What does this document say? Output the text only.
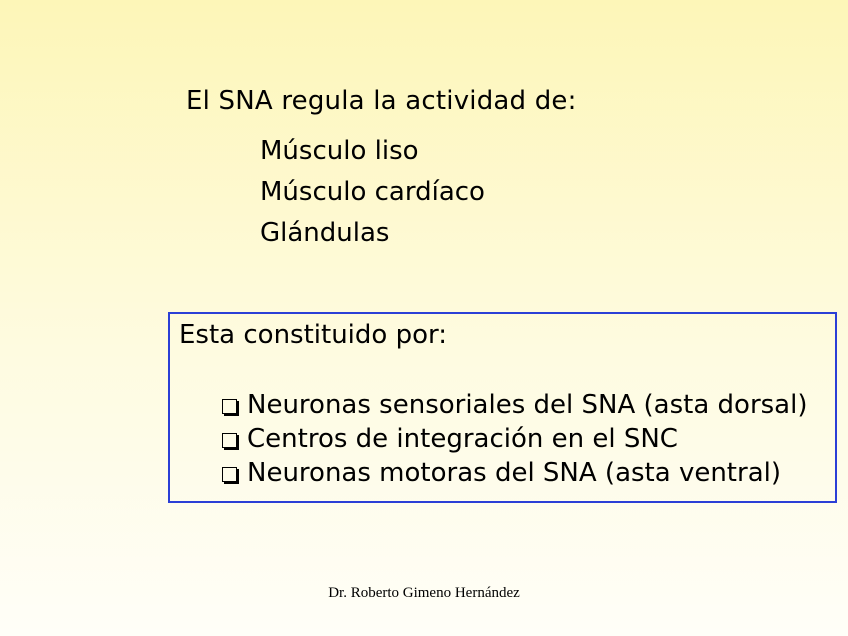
El SNA regula la actividad de:
Músculo liso
Músculo cardíaco
Glándulas
Esta constituido por:
Neuronas sensoriales del SNA (asta dorsal)
Centros de integración en el SNC
Neuronas motoras del SNA (asta ventral)
Dr. Roberto Gimeno Hernández
